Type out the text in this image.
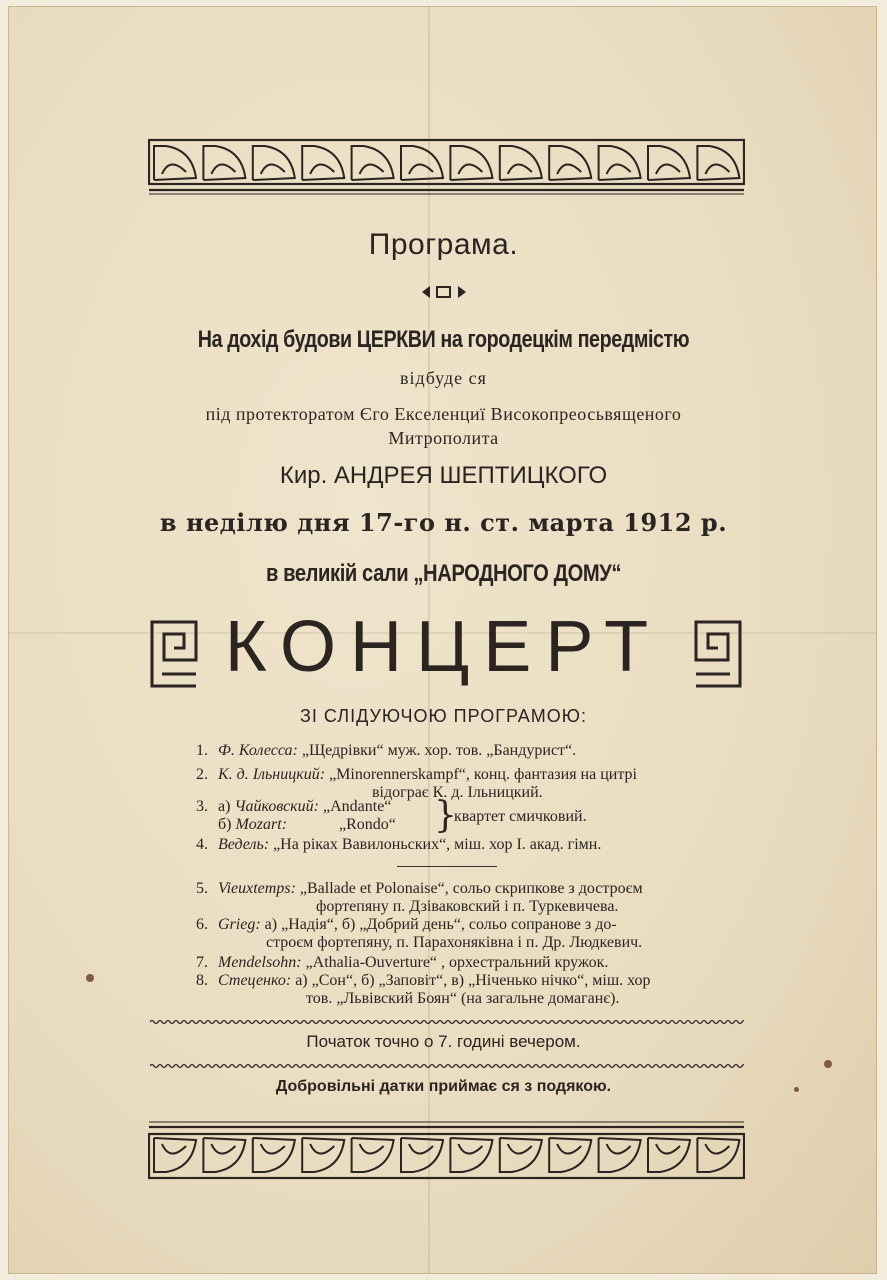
Програма.
На дохід будови ЦЕРКВИ на городецкім передмістю
відбуде ся
під протекторатом Єго Екселенциї Високопреосьвященого
Митрополита
Кир. АНДРЕЯ ШЕПТИЦКОГО
в неділю дня 17-го н. ст. марта 1912 р.
в великій сали „НАРОДНОГО ДОМУ“
КОНЦЕРТ
ЗІ СЛІДУЮЧОЮ ПРОГРАМОЮ:
1. Ф. Колесса: „Щедрівки“ муж. хор. тов. „Бандурист“.
2. К. д. Ільницкий: „Minorennerskampf“, конц. фантазия на цитрі
відограє К. д. Ільницкий.
3. а) Чайковский: „Andante“
б) Mozart:	„Rondo“	}
квартет смичковий.
4. Ведель: „На ріках Вавилоньских“, міш. хор І. акад. гімн.
5. Vieuxtemps: „Ballade et Polonaise“, сольо скрипкове з достроєм
фортепяну п. Дзіваковский і п. Туркевичева.
6. Grieg: а) „Надія“, б) „Добрий день“, сольо сопранове з до-
строєм фортепяну, п. Парахоняківна і п. Др. Людкевич.
7. Mendelsohn: „Athalia-Ouverture“ , орхестральний кружок.
8. Стеценко: а) „Сон“, б) „Заповіт“, в) „Ніченько нічко“, міш. хор
тов. „Львівский Боян“ (на загальне домаганє).
Початок точно о 7. годині вечером.
Добровільні датки приймає ся з подякою.
